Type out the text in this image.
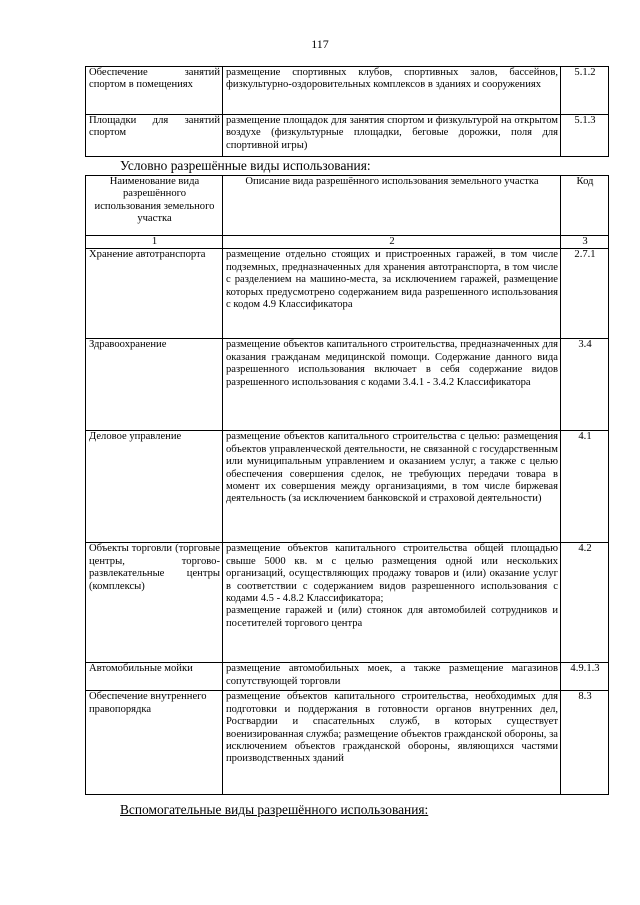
117
Обеспечение занятий спортом в помещениях	размещение спортивных клубов, спортивных залов, бассейнов, физкультурно-оздоровительных комплексов в зданиях и сооружениях	5.1.2
Площадки для занятий спортом	размещение площадок для занятия спортом и физкультурой на открытом воздухе (физкультурные площадки, беговые дорожки, поля для спортивной игры)	5.1.3
Условно разрешённые виды использования:
Наименование вида разрешённого использования земельного участка	Описание вида разрешённого использования земельного участка	Код
1	2	3
Хранение автотранспорта	размещение отдельно стоящих и пристроенных гаражей, в том числе подземных, предназначенных для хранения автотранспорта, в том числе с разделением на машино-места, за исключением гаражей, размещение которых предусмотрено содержанием вида разрешенного использования с кодом 4.9 Классификатора	2.7.1
Здравоохранение	размещение объектов капитального строительства, предназначенных для оказания гражданам медицинской помощи. Содержание данного вида разрешенного использования включает в себя содержание видов разрешенного использования с кодами 3.4.1 - 3.4.2 Классификатора	3.4
Деловое управление	размещение объектов капитального строительства с целью: размещения объектов управленческой деятельности, не связанной с государственным или муниципальным управлением и оказанием услуг, а также с целью обеспечения совершения сделок, не требующих передачи товара в момент их совершения между организациями, в том числе биржевая деятельность (за исключением банковской и страховой деятельности)	4.1
Объекты торговли (торговые центры, торгово-развлекательные центры (комплексы)	размещение объектов капитального строительства общей площадью свыше 5000 кв. м с целью размещения одной или нескольких организаций, осуществляющих продажу товаров и (или) оказание услуг в соответствии с содержанием видов разрешенного использования с кодами 4.5 - 4.8.2 Классификатора;
размещение гаражей и (или) стоянок для автомобилей сотрудников и посетителей торгового центра	4.2
Автомобильные мойки	размещение автомобильных моек, а также размещение магазинов сопутствующей торговли	4.9.1.3
Обеспечение внутреннего правопорядка	размещение объектов капитального строительства, необходимых для подготовки и поддержания в готовности органов внутренних дел, Росгвардии и спасательных служб, в которых существует военизированная служба; размещение объектов гражданской обороны, за исключением объектов гражданской обороны, являющихся частями производственных зданий	8.3
Вспомогательные виды разрешённого использования:
